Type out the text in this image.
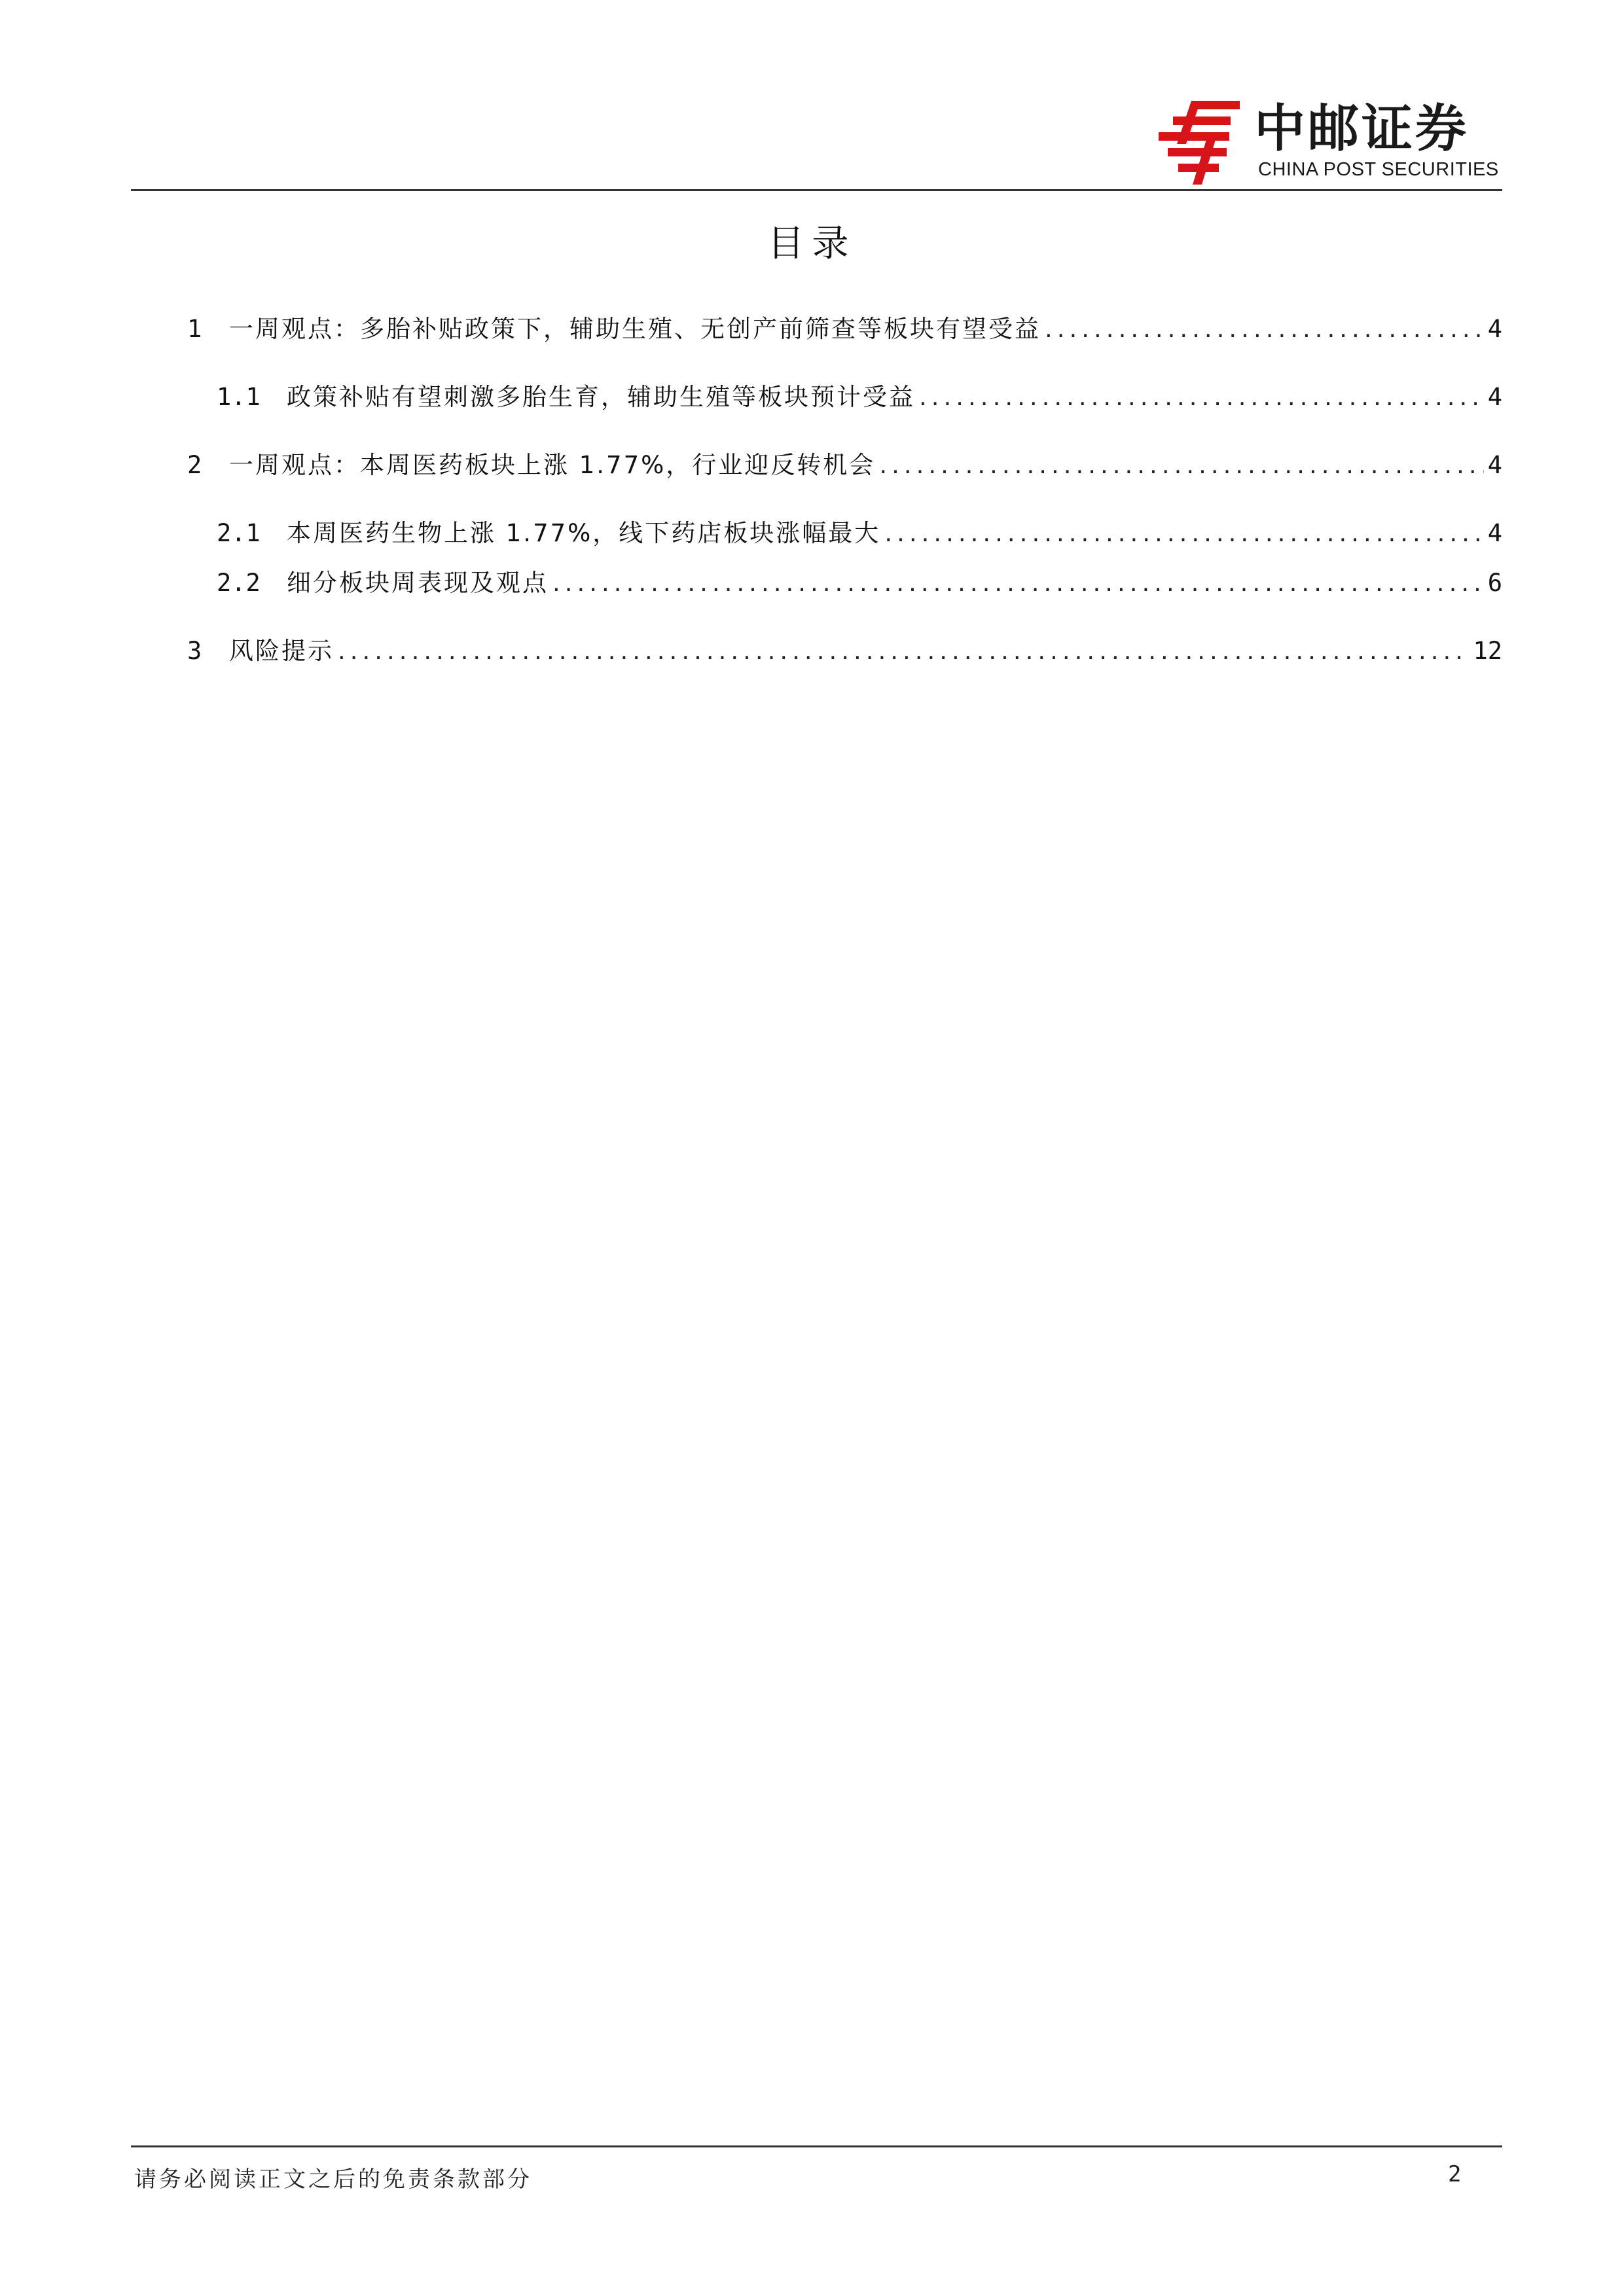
中邮证券
CHINA POST SECURITIES
目录
1 一周观点：多胎补贴政策下，辅助生殖、无创产前筛查等板块有望受益 .....	4
1.1 政策补贴有望刺激多胎生育，辅助生殖等板块预计受益 .....	4
2 一周观点：本周医药板块上涨 1.77%，行业迎反转机会 .....	4
2.1 本周医药生物上涨 1.77%，线下药店板块涨幅最大 .....	4
2.2 细分板块周表现及观点 .....	6
3 风险提示 .....	12
请务必阅读正文之后的免责条款部分	2
